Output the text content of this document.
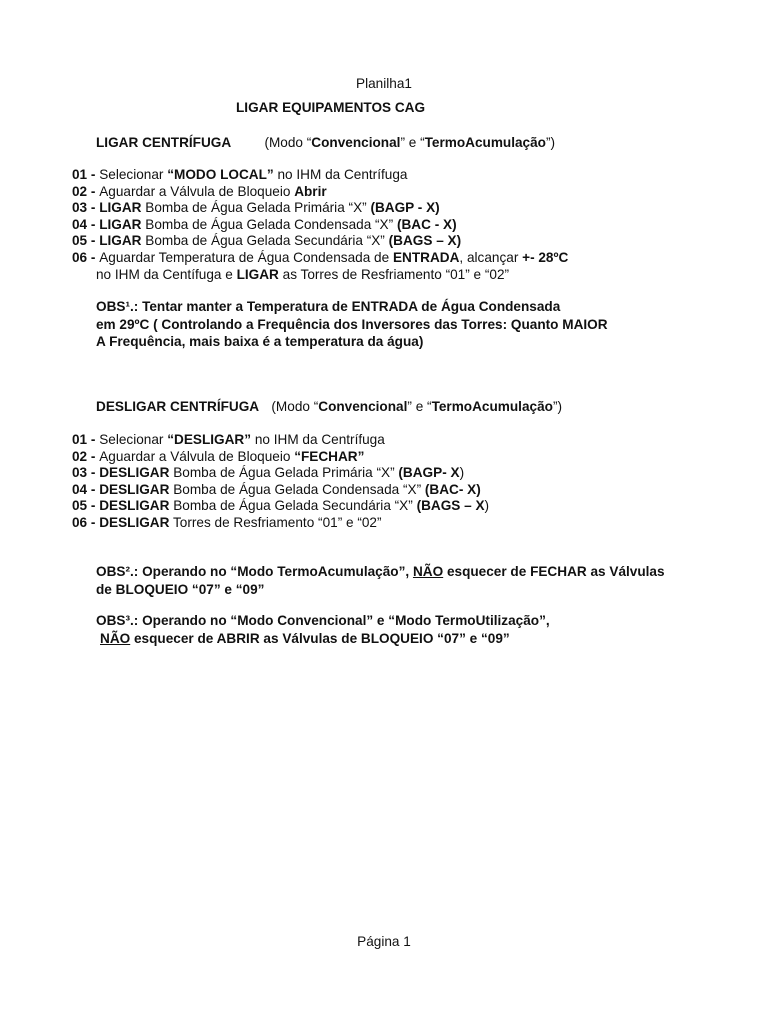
Planilha1
LIGAR EQUIPAMENTOS CAG
LIGAR CENTRÍFUGA (Modo “Convencional” e “TermoAcumulação”)
01 - Selecionar “MODO LOCAL” no IHM da Centrífuga
02 - Aguardar a Válvula de Bloqueio Abrir
03 - LIGAR Bomba de Água Gelada Primária “X” (BAGP - X)
04 - LIGAR Bomba de Água Gelada Condensada “X” (BAC - X)
05 - LIGAR Bomba de Água Gelada Secundária “X” (BAGS – X)
06 - Aguardar Temperatura de Água Condensada de ENTRADA, alcançar +- 28ºC
no IHM da Centífuga e LIGAR as Torres de Resfriamento “01” e “02”
OBS¹.: Tentar manter a Temperatura de ENTRADA de Água Condensada
em 29ºC ( Controlando a Frequência dos Inversores das Torres: Quanto MAIOR
A Frequência, mais baixa é a temperatura da água)
DESLIGAR CENTRÍFUGA (Modo “Convencional” e “TermoAcumulação”)
01 - Selecionar “DESLIGAR” no IHM da Centrífuga
02 - Aguardar a Válvula de Bloqueio “FECHAR”
03 - DESLIGAR Bomba de Água Gelada Primária “X” (BAGP- X)
04 - DESLIGAR Bomba de Água Gelada Condensada “X” (BAC- X)
05 - DESLIGAR Bomba de Água Gelada Secundária “X” (BAGS – X)
06 - DESLIGAR Torres de Resfriamento “01” e “02”
OBS².: Operando no “Modo TermoAcumulação”, NÃO esquecer de FECHAR as Válvulas
de BLOQUEIO “07” e “09”
OBS³.: Operando no “Modo Convencional” e “Modo TermoUtilização”,
NÃO esquecer de ABRIR as Válvulas de BLOQUEIO “07” e “09”
Página 1
